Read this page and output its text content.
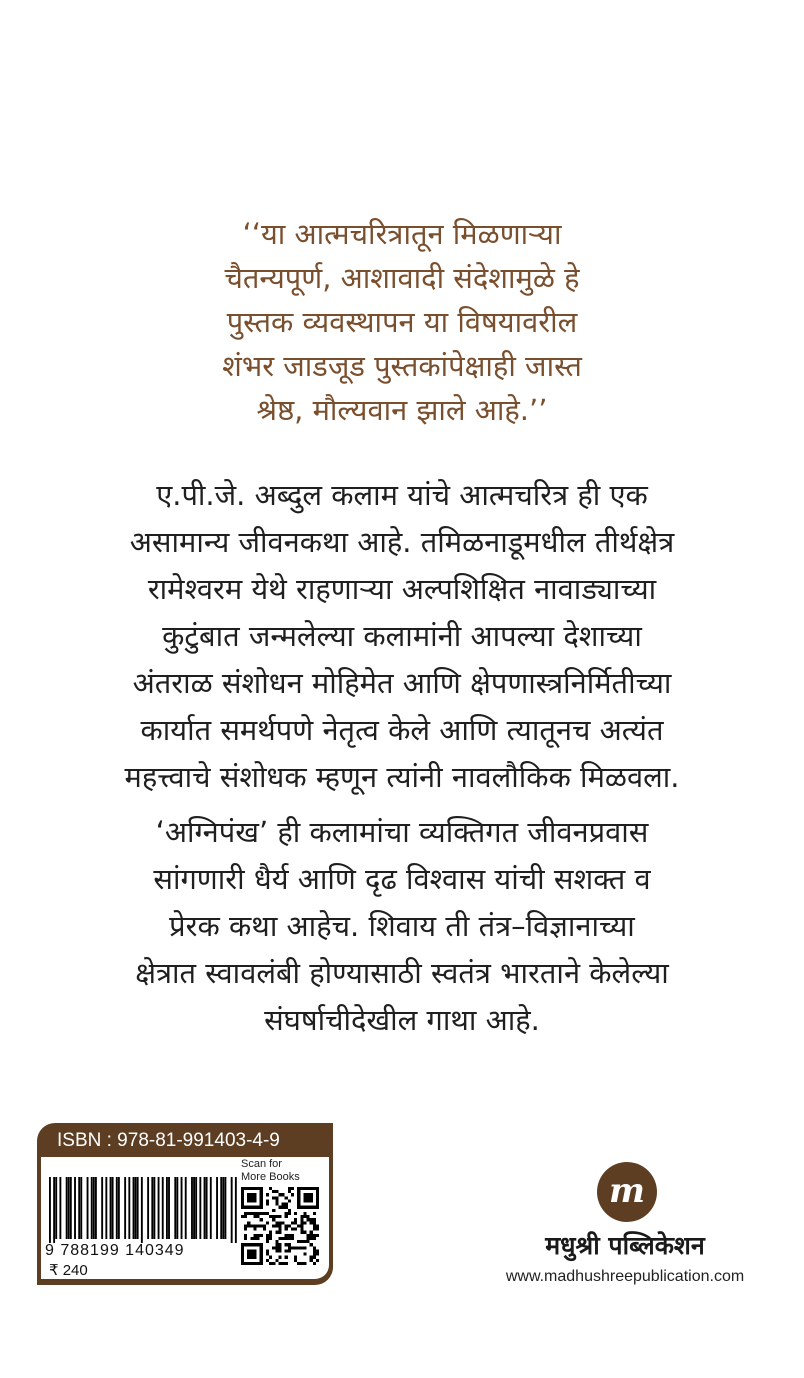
‘‘या आत्मचरित्रातून मिळणाऱ्या
चैतन्यपूर्ण, आशावादी संदेशामुळे हे
पुस्तक व्यवस्थापन या विषयावरील
शंभर जाडजूड पुस्तकांपेक्षाही जास्त
श्रेष्ठ, मौल्यवान झाले आहे.’’
ए.पी.जे. अब्दुल कलाम यांचे आत्मचरित्र ही एक
असामान्य जीवनकथा आहे. तमिळनाडूमधील तीर्थक्षेत्र
रामेश्वरम येथे राहणाऱ्या अल्पशिक्षित नावाड्याच्या
कुटुंबात जन्मलेल्या कलामांनी आपल्या देशाच्या
अंतराळ संशोधन मोहिमेत आणि क्षेपणास्त्रनिर्मितीच्या
कार्यात समर्थपणे नेतृत्व केले आणि त्यातूनच अत्यंत
महत्त्वाचे संशोधक म्हणून त्यांनी नावलौकिक मिळवला.
‘अग्निपंख’ ही कलामांचा व्यक्तिगत जीवनप्रवास
सांगणारी धैर्य आणि दृढ विश्वास यांची सशक्त व
प्रेरक कथा आहेच. शिवाय ती तंत्र–विज्ञानाच्या
क्षेत्रात स्वावलंबी होण्यासाठी स्वतंत्र भारताने केलेल्या
संघर्षाचीदेखील गाथा आहे.
ISBN : 978-81-991403-4-9
9 788199 140349
₹ 240
Scan for
More Books	m
मधुश्री पब्लिकेशन
www.madhushreepublication.com
